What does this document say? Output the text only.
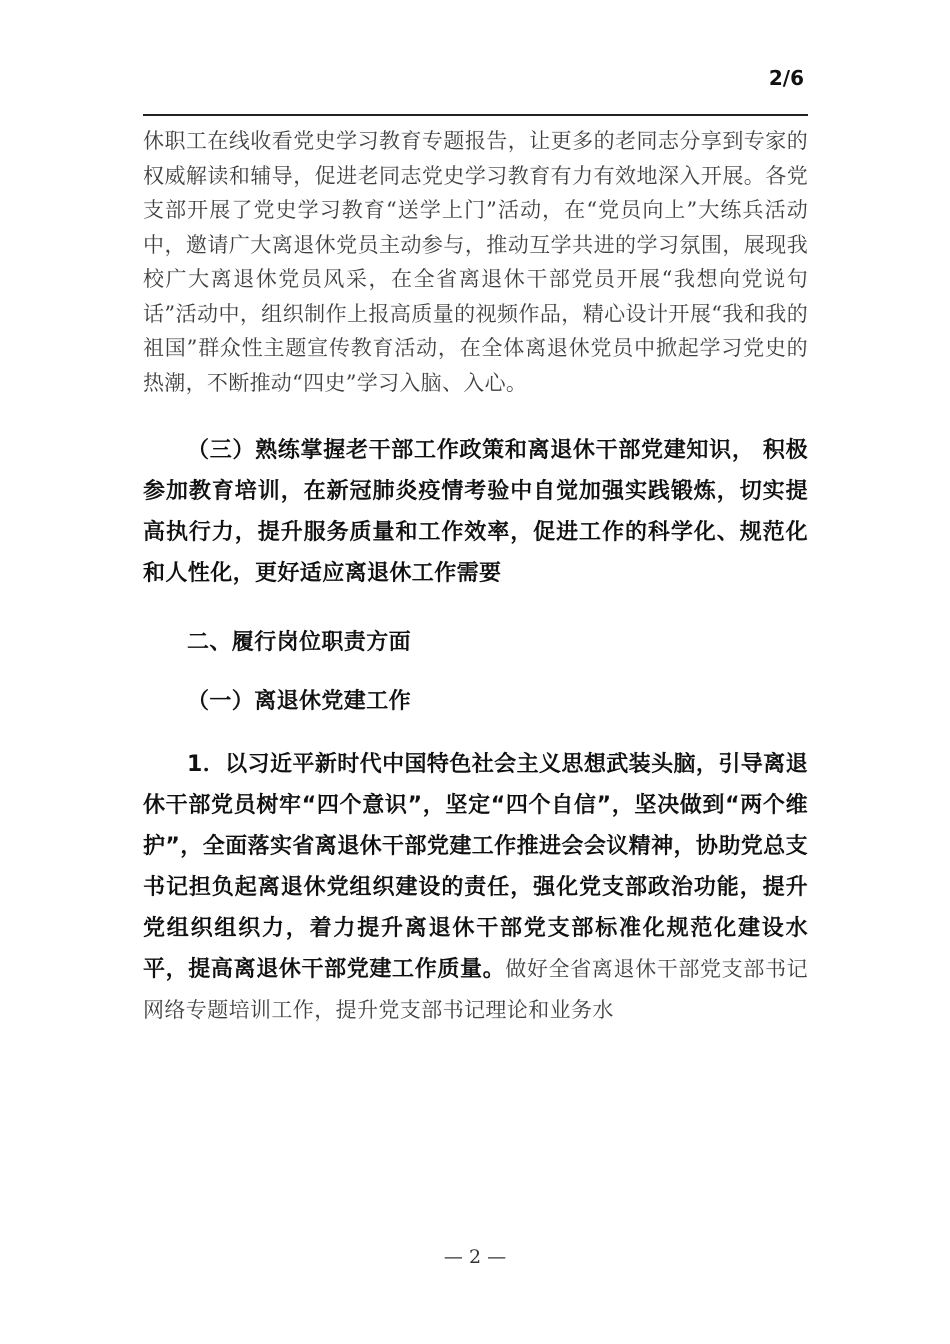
2/6

休职工在线收看党史学习教育专题报告，让更多的老同志分享到专家的权威解读和辅导，促进老同志党史学习教育有力有效地深入开展。各党支部开展了党史学习教育“送学上门”活动，在“党员向上”大练兵活动中，邀请广大离退休党员主动参与，推动互学共进的学习氛围，展现我校广大离退休党员风采，在全省离退休干部党员开展“我想向党说句话”活动中，组织制作上报高质量的视频作品，精心设计开展“我和我的祖国”群众性主题宣传教育活动，在全体离退休党员中掀起学习党史的热潮，不断推动“四史”学习入脑、入心。

（三）熟练掌握老干部工作政策和离退休干部党建知识， 积极参加教育培训，在新冠肺炎疫情考验中自觉加强实践锻炼，切实提高执行力，提升服务质量和工作效率，促进工作的科学化、规范化和人性化，更好适应离退休工作需要

二、履行岗位职责方面

（一）离退休党建工作

1．以习近平新时代中国特色社会主义思想武装头脑，引导离退休干部党员树牢“四个意识”，坚定“四个自信”，坚决做到“两个维护”，全面落实省离退休干部党建工作推进会会议精神，协助党总支书记担负起离退休党组织建设的责任，强化党支部政治功能，提升党组织组织力，着力提升离退休干部党支部标准化规范化建设水平，提高离退休干部党建工作质量。做好全省离退休干部党支部书记网络专题培训工作，提升党支部书记理论和业务水

— 2 —
